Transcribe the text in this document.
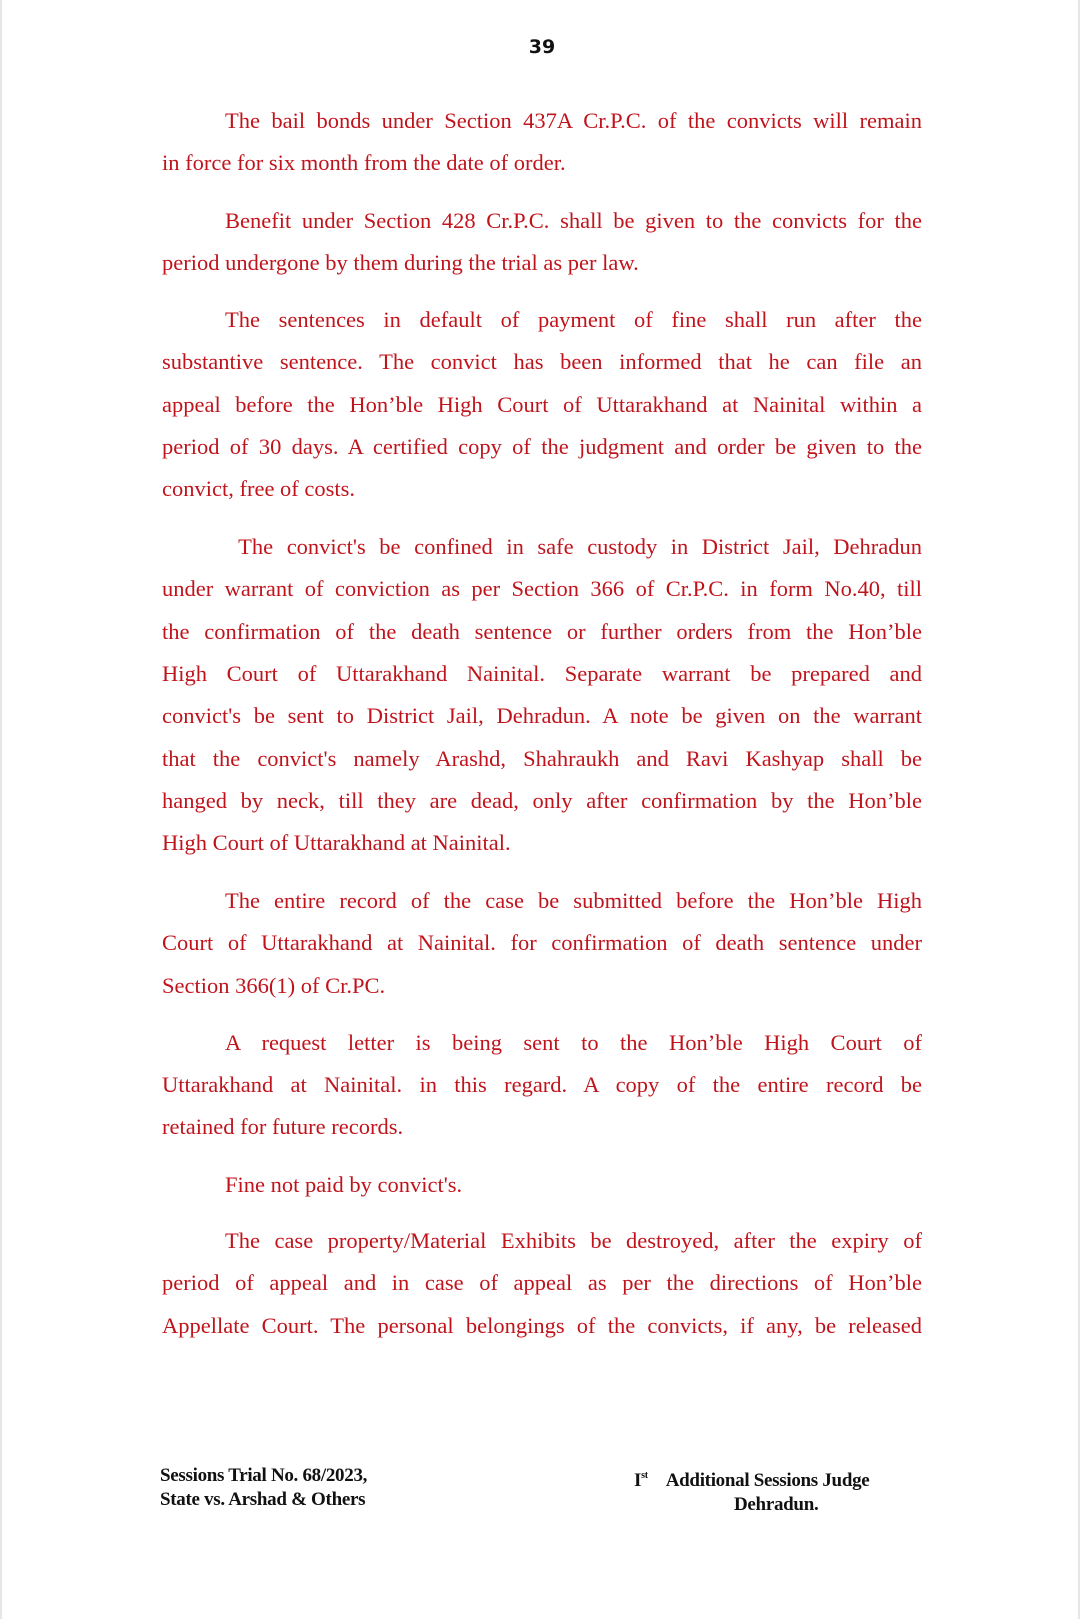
39
The bail bonds under Section 437A Cr.P.C. of the convicts will remain
in force for six month from the date of order.
Benefit under Section 428 Cr.P.C. shall be given to the convicts for the
period undergone by them during the trial as per law.
The sentences in default of payment of fine shall run after the
substantive sentence. The convict has been informed that he can file an
appeal before the Hon’ble High Court of Uttarakhand at Nainital within a
period of 30 days. A certified copy of the judgment and order be given to the
convict, free of costs.
The convict's be confined in safe custody in District Jail, Dehradun
under warrant of conviction as per Section 366 of Cr.P.C. in form No.40, till
the confirmation of the death sentence or further orders from the Hon’ble
High Court of Uttarakhand Nainital. Separate warrant be prepared and
convict's be sent to District Jail, Dehradun. A note be given on the warrant
that the convict's namely Arashd, Shahraukh and Ravi Kashyap shall be
hanged by neck, till they are dead, only after confirmation by the Hon’ble
High Court of Uttarakhand at Nainital.
The entire record of the case be submitted before the Hon’ble High
Court of Uttarakhand at Nainital. for confirmation of death sentence under
Section 366(1) of Cr.PC.
A request letter is being sent to the Hon’ble High Court of
Uttarakhand at Nainital. in this regard. A copy of the entire record be
retained for future records.
Fine not paid by convict's.
The case property/Material Exhibits be destroyed, after the expiry of
period of appeal and in case of appeal as per the directions of Hon’ble
Appellate Court. The personal belongings of the convicts, if any, be released
Sessions Trial No. 68/2023,
State vs. Arshad & Others
Ist Additional Sessions Judge
Dehradun.
